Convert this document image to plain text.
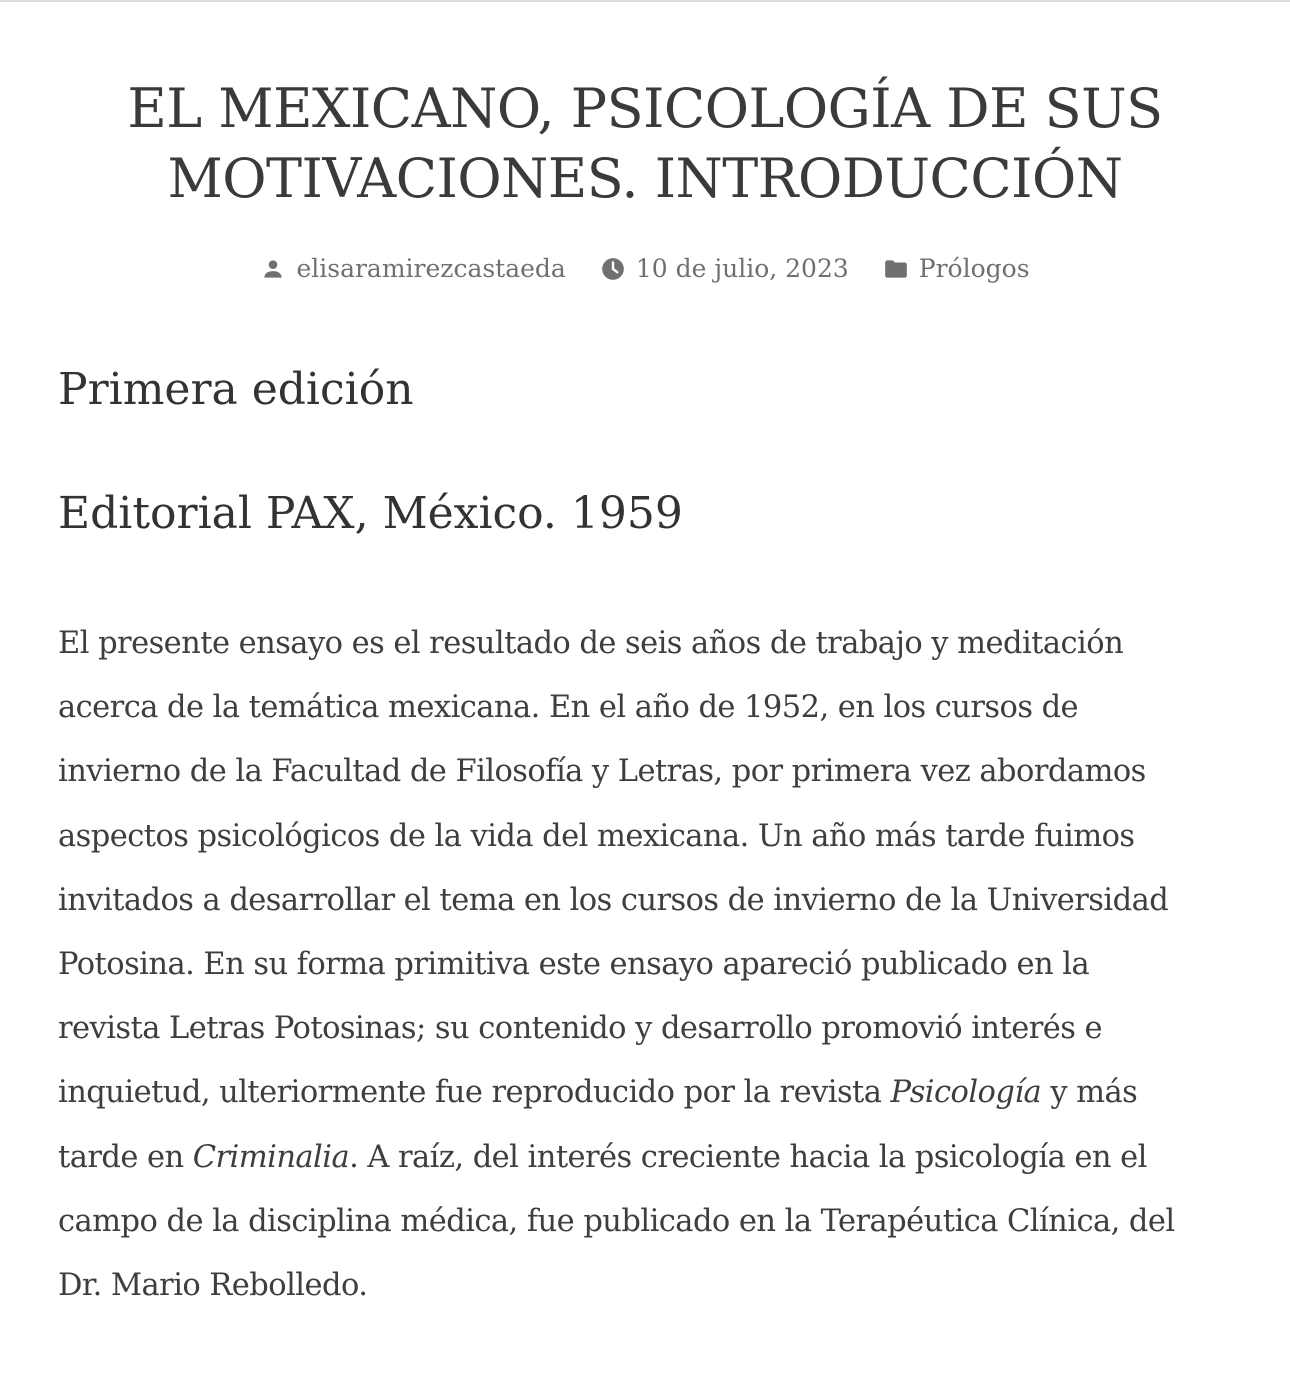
EL MEXICANO, PSICOLOGÍA DE SUS
MOTIVACIONES. INTRODUCCIÓN
elisaramirezcastaeda	10 de julio, 2023	Prólogos
Primera edición
Editorial PAX, México. 1959

El presente ensayo es el resultado de seis años de trabajo y meditación
acerca de la temática mexicana. En el año de 1952, en los cursos de
invierno de la Facultad de Filosofía y Letras, por primera vez abordamos
aspectos psicológicos de la vida del mexicana. Un año más tarde fuimos
invitados a desarrollar el tema en los cursos de invierno de la Universidad
Potosina. En su forma primitiva este ensayo apareció publicado en la
revista Letras Potosinas; su contenido y desarrollo promovió interés e
inquietud, ulteriormente fue reproducido por la revista Psicología y más
tarde en Criminalia. A raíz, del interés creciente hacia la psicología en el
campo de la disciplina médica, fue publicado en la Terapéutica Clínica, del
Dr. Mario Rebolledo.
